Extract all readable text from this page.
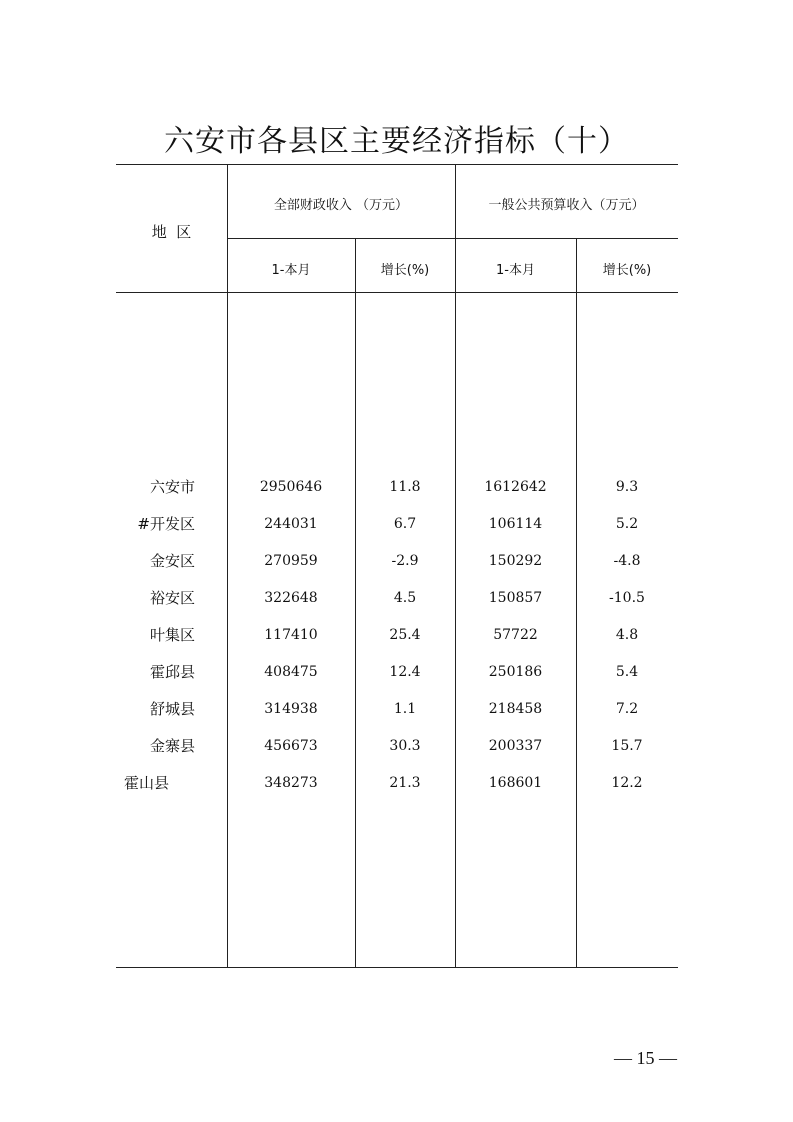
六安市各县区主要经济指标（十）
地  区
全部财政收入 （万元）	一般公共预算收入（万元）
1-本月	增长(%)	1-本月	增长(%)
六安市	2950646	11.8	1612642	9.3
#开发区	244031	6.7	106114	5.2
金安区	270959	-2.9	150292	-4.8
裕安区	322648	4.5	150857	-10.5
叶集区	117410	25.4	57722	4.8
霍邱县	408475	12.4	250186	5.4
舒城县	314938	1.1	218458	7.2
金寨县	456673	30.3	200337	15.7
霍山县	348273	21.3	168601	12.2
— 15 —
